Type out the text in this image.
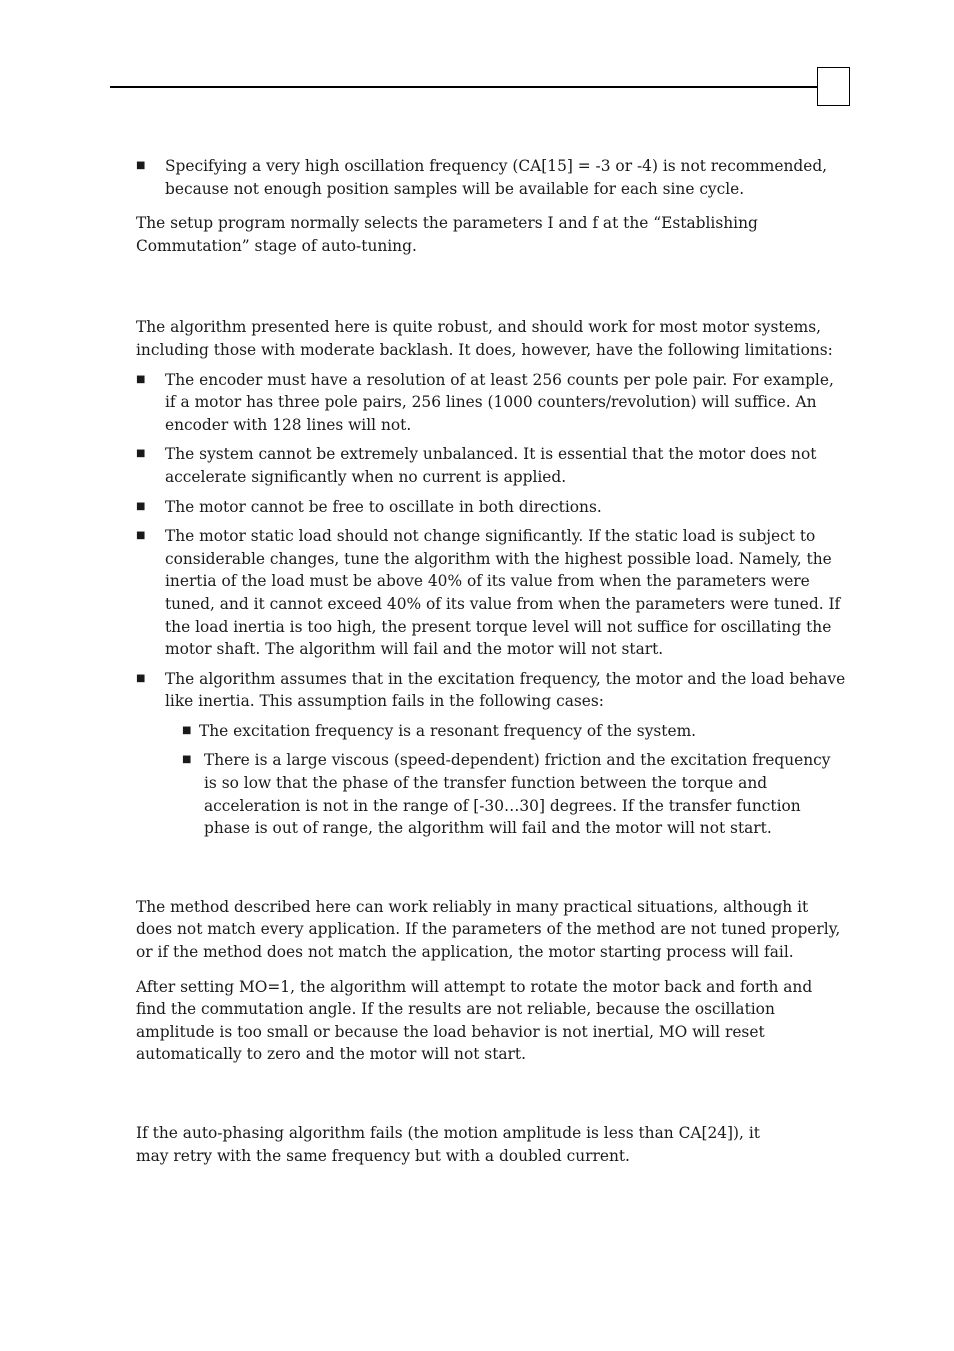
■ Specifying a very high oscillation frequency (CA[15] = -3 or -4) is not recommended, because not enough position samples will be available for each sine cycle.

The setup program normally selects the parameters I and f at the “Establishing Commutation” stage of auto-tuning.

The algorithm presented here is quite robust, and should work for most motor systems, including those with moderate backlash. It does, however, have the following limitations:

■ The encoder must have a resolution of at least 256 counts per pole pair. For example, if a motor has three pole pairs, 256 lines (1000 counters/revolution) will suffice. An encoder with 128 lines will not.
■ The system cannot be extremely unbalanced. It is essential that the motor does not accelerate significantly when no current is applied.
■ The motor cannot be free to oscillate in both directions.
■ The motor static load should not change significantly. If the static load is subject to considerable changes, tune the algorithm with the highest possible load. Namely, the inertia of the load must be above 40% of its value from when the parameters were tuned, and it cannot exceed 40% of its value from when the parameters were tuned. If the load inertia is too high, the present torque level will not suffice for oscillating the motor shaft. The algorithm will fail and the motor will not start.
■ The algorithm assumes that in the excitation frequency, the motor and the load behave like inertia. This assumption fails in the following cases:
■ The excitation frequency is a resonant frequency of the system.
■ There is a large viscous (speed-dependent) friction and the excitation frequency is so low that the phase of the transfer function between the torque and acceleration is not in the range of [-30…30] degrees. If the transfer function phase is out of range, the algorithm will fail and the motor will not start.

The method described here can work reliably in many practical situations, although it does not match every application. If the parameters of the method are not tuned properly, or if the method does not match the application, the motor starting process will fail.

After setting MO=1, the algorithm will attempt to rotate the motor back and forth and find the commutation angle. If the results are not reliable, because the oscillation amplitude is too small or because the load behavior is not inertial, MO will reset automatically to zero and the motor will not start.

If the auto-phasing algorithm fails (the motion amplitude is less than CA[24]), it may retry with the same frequency but with a doubled current.
